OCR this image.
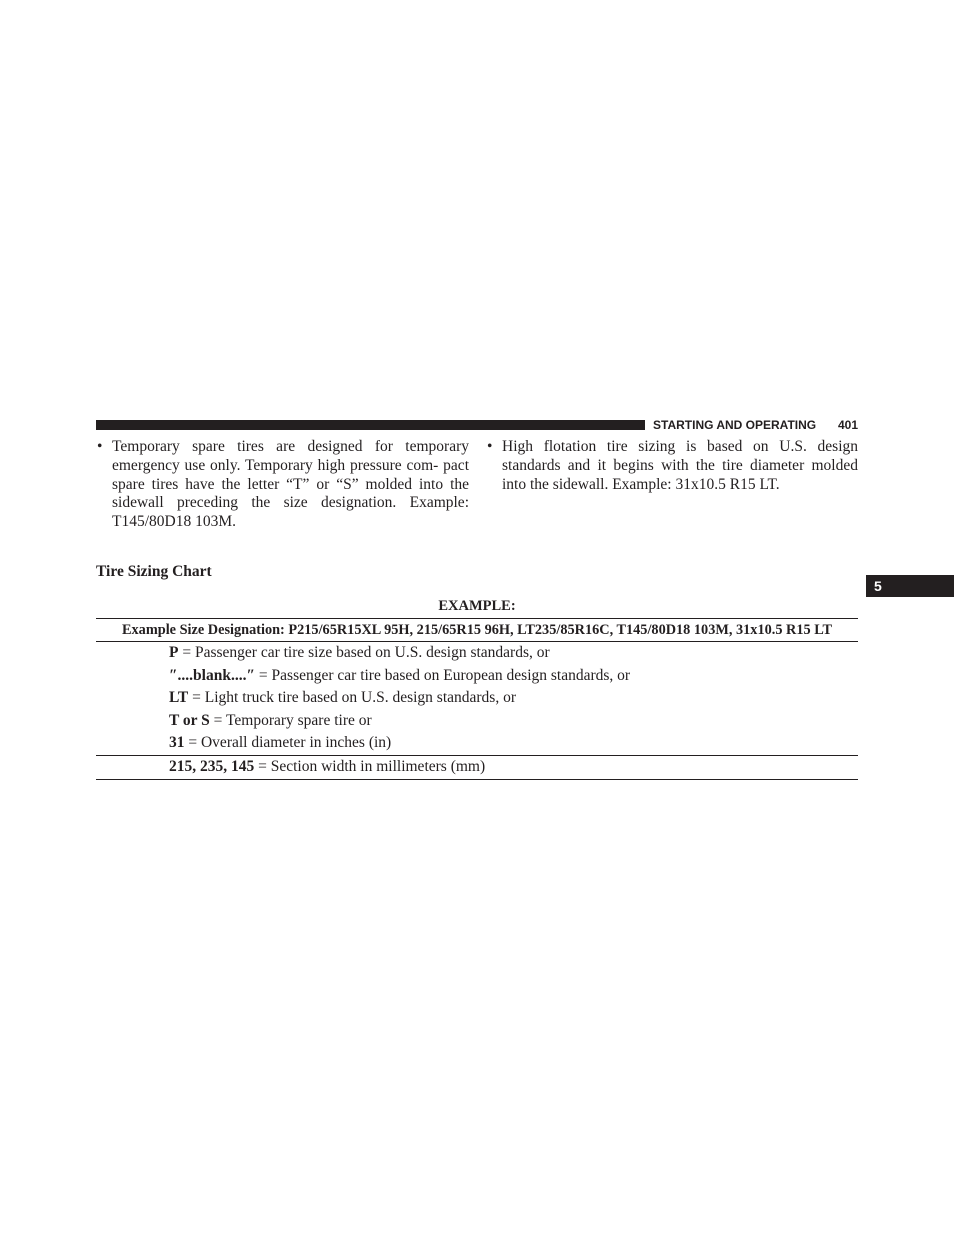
STARTING AND OPERATING 401
• Temporary spare tires are designed for temporary emergency use only. Temporary high pressure com- pact spare tires have the letter “T” or “S” molded into the sidewall preceding the size designation. Example: T145/80D18 103M.
• High flotation tire sizing is based on U.S. design standards and it begins with the tire diameter molded into the sidewall. Example: 31x10.5 R15 LT.
Tire Sizing Chart
5
EXAMPLE:
Example Size Designation: P215/65R15XL 95H, 215/65R15 96H, LT235/85R16C, T145/80D18 103M, 31x10.5 R15 LT
P = Passenger car tire size based on U.S. design standards, or
″....blank....″ = Passenger car tire based on European design standards, or
LT = Light truck tire based on U.S. design standards, or
T or S = Temporary spare tire or
31 = Overall diameter in inches (in)
215, 235, 145 = Section width in millimeters (mm)
